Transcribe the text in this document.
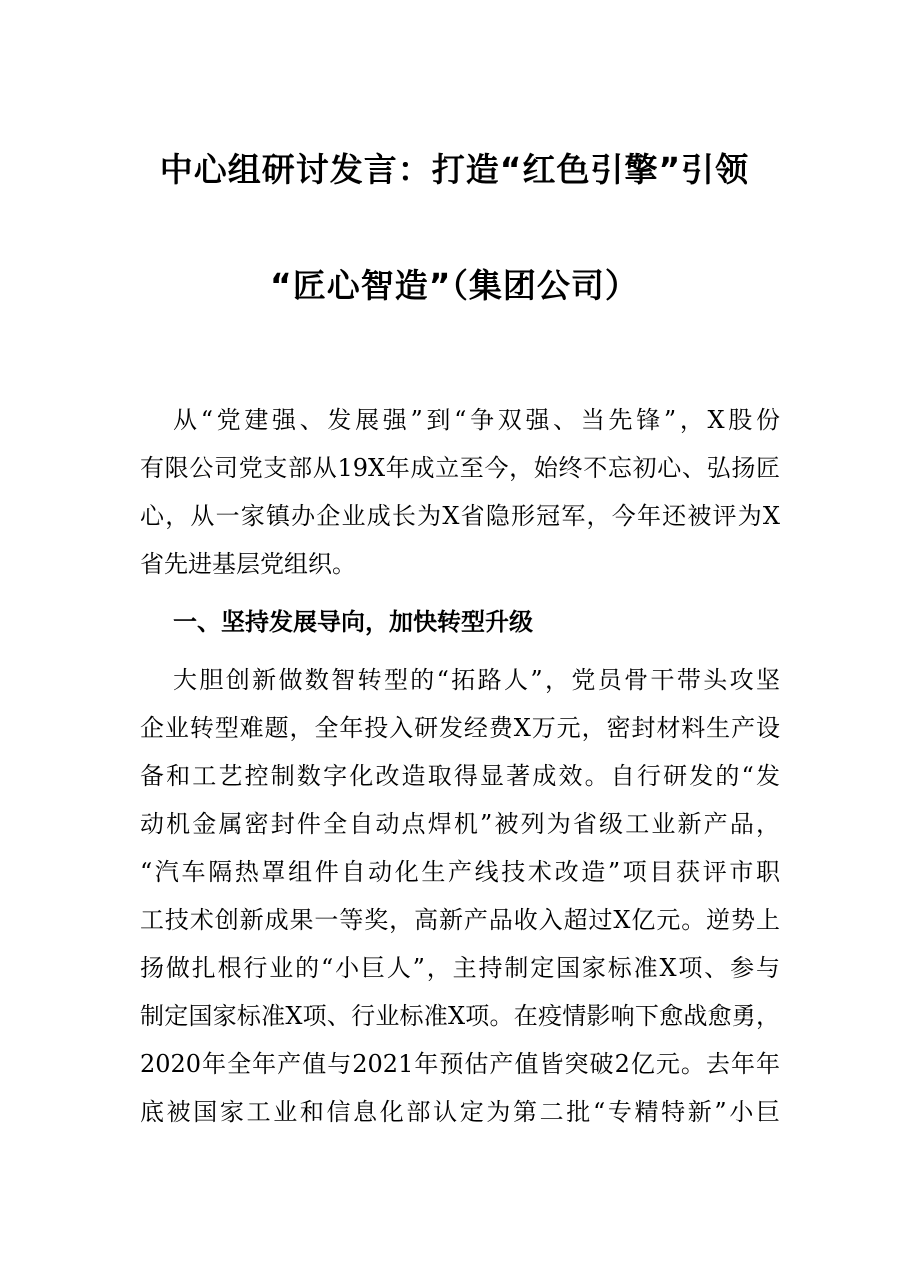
中心组研讨发言：打造“红色引擎”引领
“匠心智造”（集团公司）
从“党建强、发展强”到“争双强、当先锋”，X股份
有限公司党支部从19X年成立至今，始终不忘初心、弘扬匠
心，从一家镇办企业成长为X省隐形冠军，今年还被评为X
省先进基层党组织。
一、坚持发展导向，加快转型升级
大胆创新做数智转型的“拓路人”，党员骨干带头攻坚
企业转型难题，全年投入研发经费X万元，密封材料生产设
备和工艺控制数字化改造取得显著成效。自行研发的“发
动机金属密封件全自动点焊机”被列为省级工业新产品，
“汽车隔热罩组件自动化生产线技术改造”项目获评市职
工技术创新成果一等奖，高新产品收入超过X亿元。逆势上
扬做扎根行业的“小巨人”，主持制定国家标准X项、参与
制定国家标准X项、行业标准X项。在疫情影响下愈战愈勇，
2020年全年产值与2021年预估产值皆突破2亿元。去年年
底被国家工业和信息化部认定为第二批“专精特新”小巨
